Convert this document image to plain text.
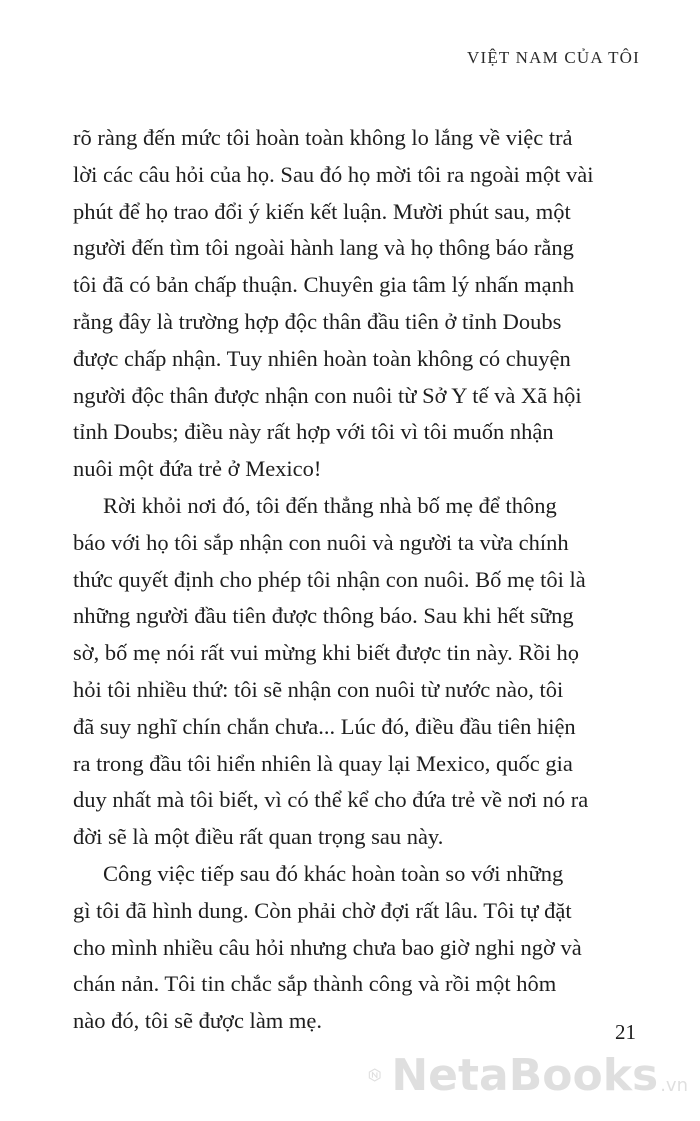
VIỆT NAM CỦA TÔI
rõ ràng đến mức tôi hoàn toàn không lo lắng về việc trả
lời các câu hỏi của họ. Sau đó họ mời tôi ra ngoài một vài
phút để họ trao đổi ý kiến kết luận. Mười phút sau, một
người đến tìm tôi ngoài hành lang và họ thông báo rằng
tôi đã có bản chấp thuận. Chuyên gia tâm lý nhấn mạnh
rằng đây là trường hợp độc thân đầu tiên ở tỉnh Doubs
được chấp nhận. Tuy nhiên hoàn toàn không có chuyện
người độc thân được nhận con nuôi từ Sở Y tế và Xã hội
tỉnh Doubs; điều này rất hợp với tôi vì tôi muốn nhận
nuôi một đứa trẻ ở Mexico!
Rời khỏi nơi đó, tôi đến thẳng nhà bố mẹ để thông
báo với họ tôi sắp nhận con nuôi và người ta vừa chính
thức quyết định cho phép tôi nhận con nuôi. Bố mẹ tôi là
những người đầu tiên được thông báo. Sau khi hết sững
sờ, bố mẹ nói rất vui mừng khi biết được tin này. Rồi họ
hỏi tôi nhiều thứ: tôi sẽ nhận con nuôi từ nước nào, tôi
đã suy nghĩ chín chắn chưa... Lúc đó, điều đầu tiên hiện
ra trong đầu tôi hiển nhiên là quay lại Mexico, quốc gia
duy nhất mà tôi biết, vì có thể kể cho đứa trẻ về nơi nó ra
đời sẽ là một điều rất quan trọng sau này.
Công việc tiếp sau đó khác hoàn toàn so với những
gì tôi đã hình dung. Còn phải chờ đợi rất lâu. Tôi tự đặt
cho mình nhiều câu hỏi nhưng chưa bao giờ nghi ngờ và
chán nản. Tôi tin chắc sắp thành công và rồi một hôm
nào đó, tôi sẽ được làm mẹ.	21
NetaBooks .vn
